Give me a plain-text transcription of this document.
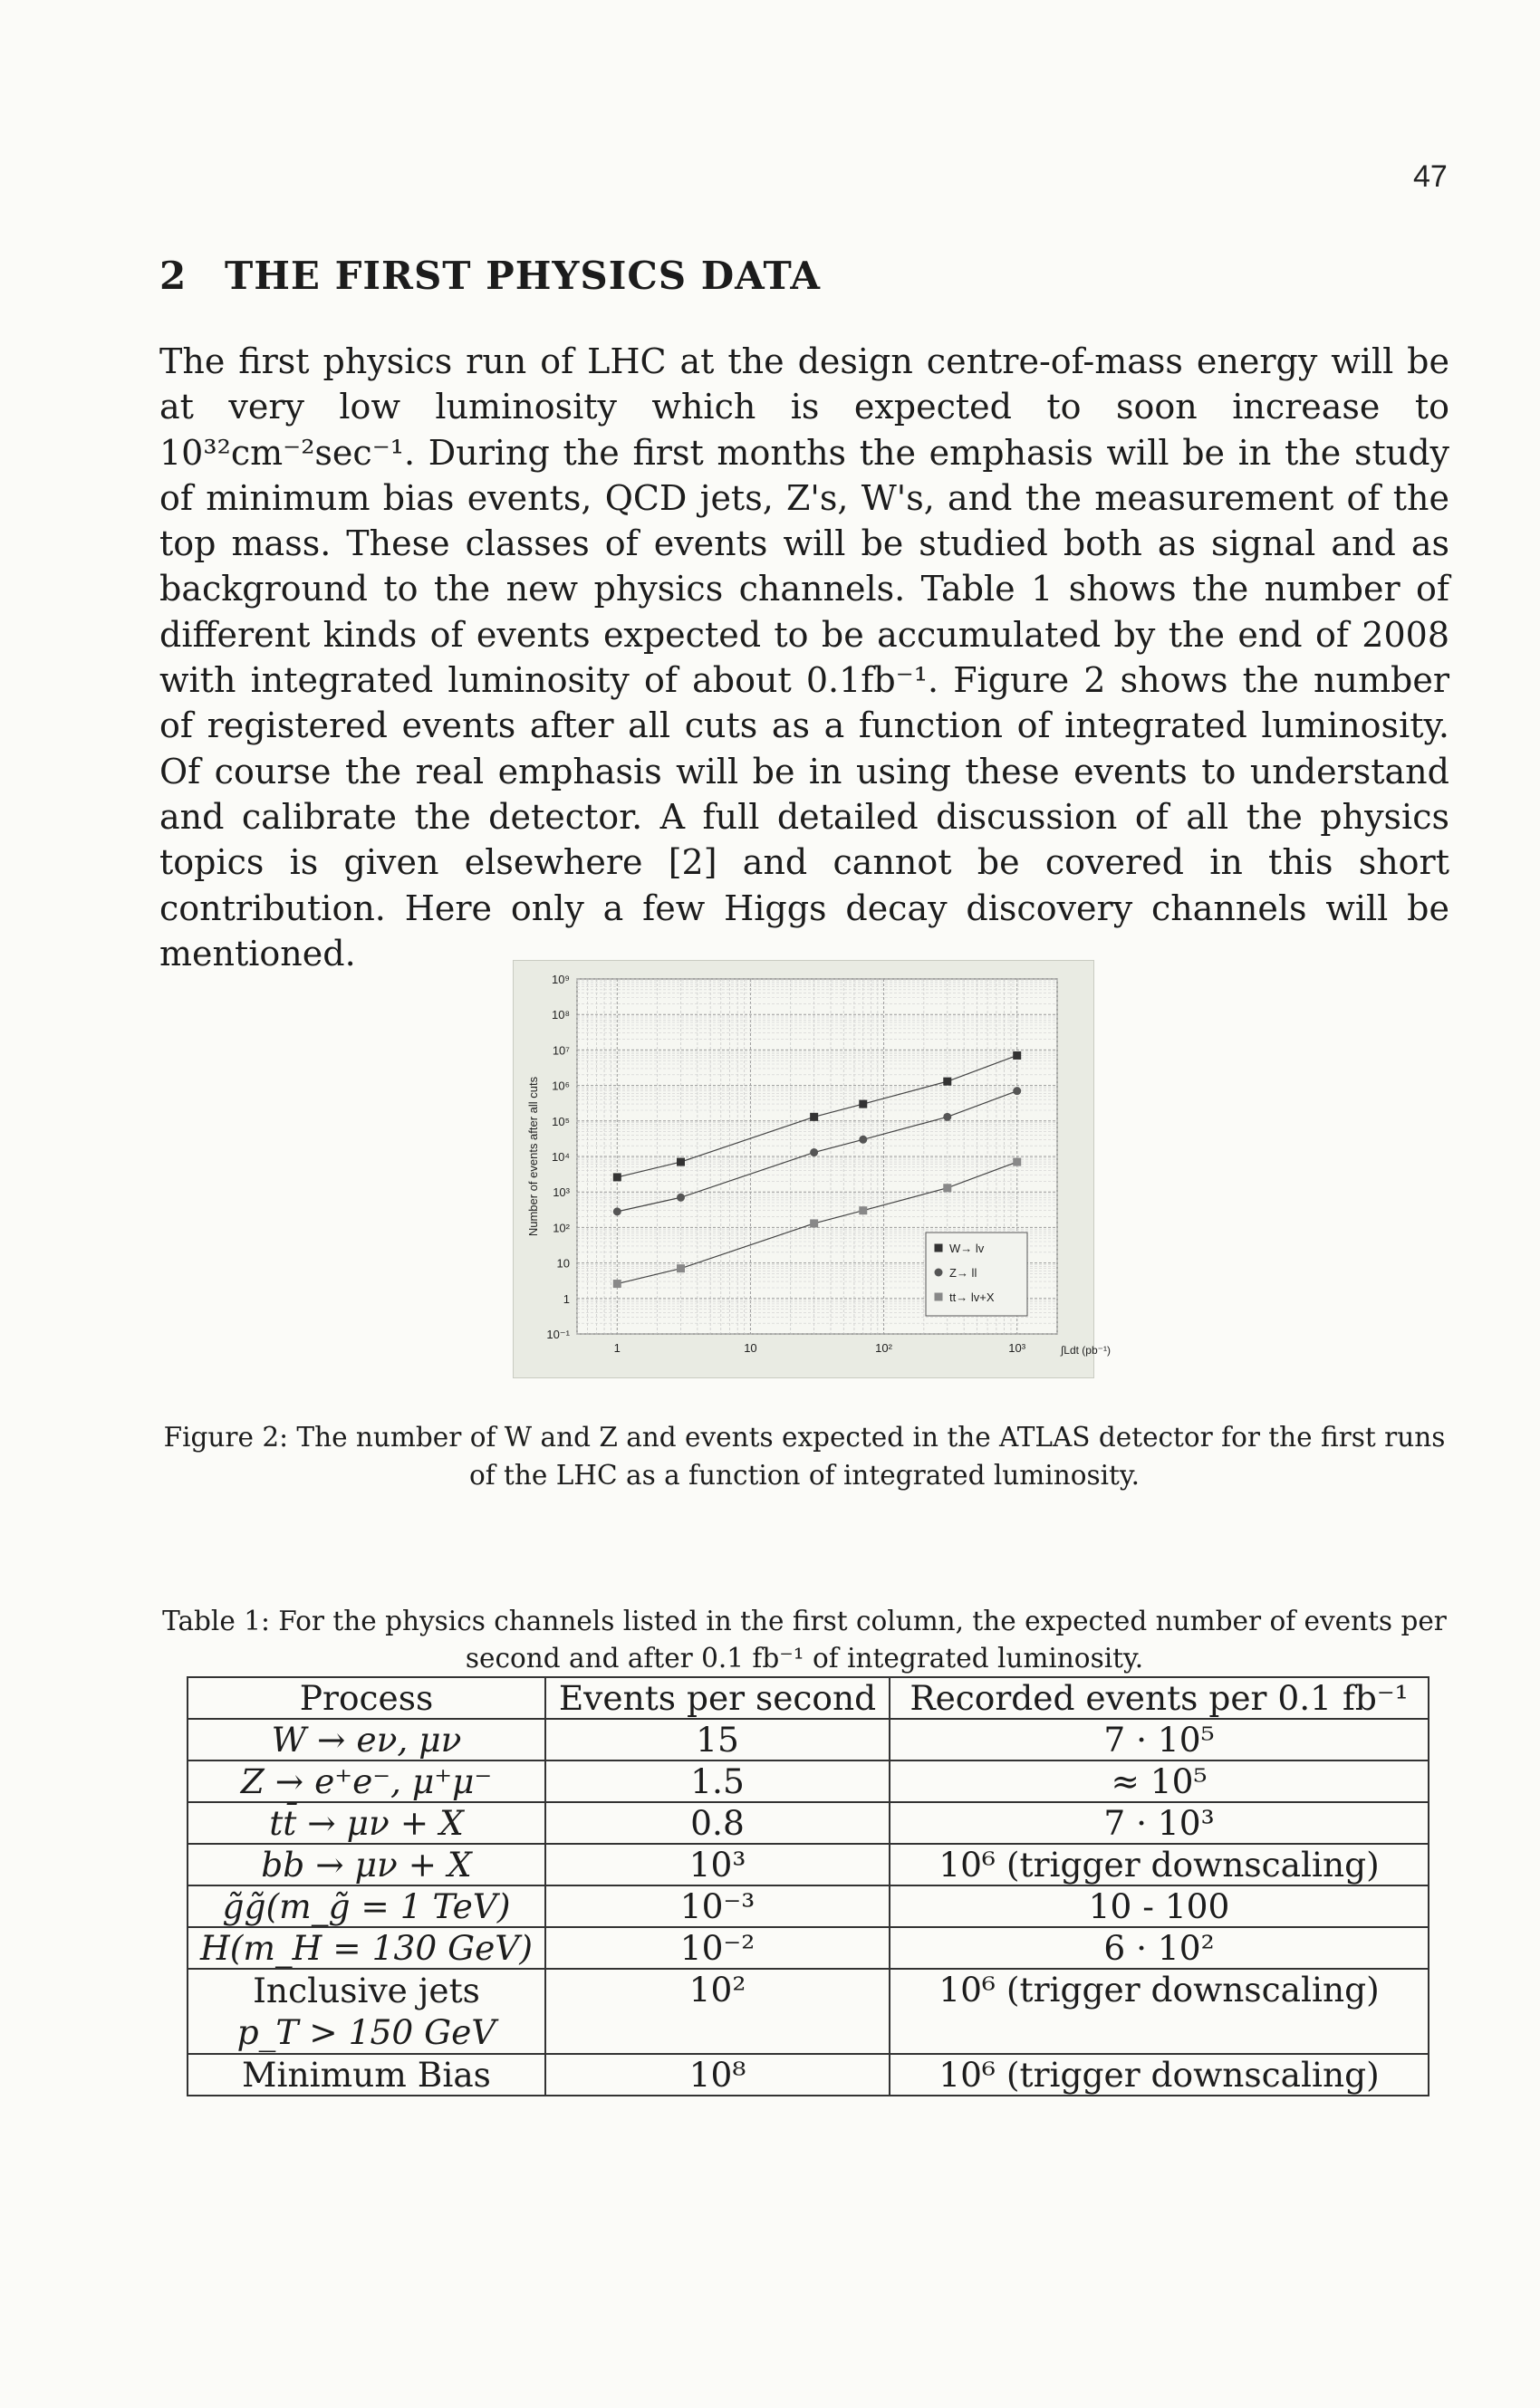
47
2 THE FIRST PHYSICS DATA

The first physics run of LHC at the design centre-of-mass energy will be at very low luminosity which is expected to soon increase to 10³²cm⁻²sec⁻¹. During the first months the emphasis will be in the study of minimum bias events, QCD jets, Z's, W's, and the measurement of the top mass. These classes of events will be studied both as signal and as background to the new physics channels. Table 1 shows the number of different kinds of events expected to be accumulated by the end of 2008 with integrated luminosity of about 0.1fb⁻¹. Figure 2 shows the number of registered events after all cuts as a function of integrated luminosity. Of course the real emphasis will be in using these events to understand and calibrate the detector. A full detailed discussion of all the physics topics is given elsewhere [2] and cannot be covered in this short contribution. Here only a few Higgs decay discovery channels will be mentioned.

10⁻¹
1
10
10²
10³
10⁴
10⁵
10⁶
10⁷
10⁸
10⁹
1	10	10²	10³
Number of events after all cuts
∫Ldt (pb⁻¹)
W→ lv
Z→ ll
tt→ lv+X

Figure 2: The number of W and Z and events expected in the ATLAS detector for the first runs of the LHC as a function of integrated luminosity.

Table 1: For the physics channels listed in the first column, the expected number of events per second and after 0.1 fb⁻¹ of integrated luminosity.

Process	Events per second	Recorded events per 0.1 fb⁻¹
W → eν, μν	15	7 · 10⁵
Z → e⁺e⁻, μ⁺μ⁻	1.5	≈ 10⁵
tt̄ → μν + X	0.8	7 · 10³
bb → μν + X	10³	10⁶ (trigger downscaling)
g̃g̃(m_g̃ = 1 TeV)	10⁻³	10 - 100
H(m_H = 130 GeV)	10⁻²	6 · 10²
Inclusive jets
p_T > 150 GeV	10²	10⁶ (trigger downscaling)
Minimum Bias	10⁸	10⁶ (trigger downscaling)
